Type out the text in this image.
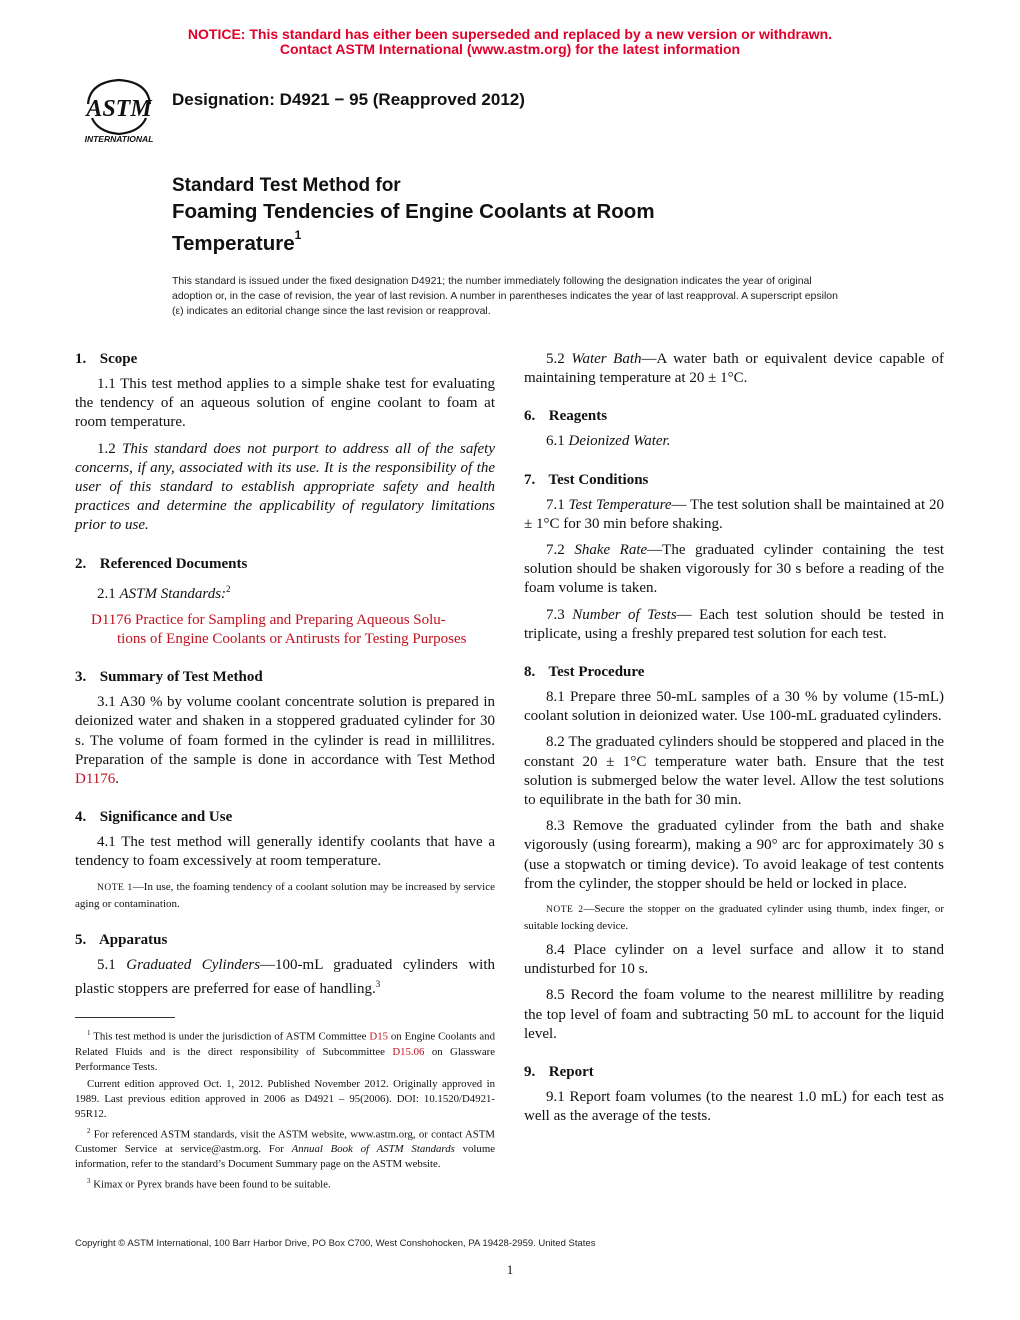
NOTICE: This standard has either been superseded and replaced by a new version or withdrawn.
Contact ASTM International (www.astm.org) for the latest information
ASTM
INTERNATIONAL
Designation: D4921 − 95 (Reapproved 2012)
Standard Test Method for
Foaming Tendencies of Engine Coolants at Room
Temperature$^1$
This standard is issued under the fixed designation D4921; the number immediately following the designation indicates the year of original adoption or, in the case of revision, the year of last revision. A number in parentheses indicates the year of last reapproval. A superscript epsilon (ε) indicates an editorial change since the last revision or reapproval.
1. Scope

1.1 This test method applies to a simple shake test for evaluating the tendency of an aqueous solution of engine coolant to foam at room temperature.

1.2 This standard does not purport to address all of the safety concerns, if any, associated with its use. It is the responsibility of the user of this standard to establish appropriate safety and health practices and determine the applicability of regulatory limitations prior to use.

2. Referenced Documents

2.1 ASTM Standards:$^2$

D1176 Practice for Sampling and Preparing Aqueous Solu-
tions of Engine Coolants or Antirusts for Testing Purposes
3. Summary of Test Method

3.1 A30 % by volume coolant concentrate solution is prepared in deionized water and shaken in a stoppered graduated cylinder for 30 s. The volume of foam formed in the cylinder is read in millilitres. Preparation of the sample is done in accordance with Test Method D1176.

4. Significance and Use

4.1 The test method will generally identify coolants that have a tendency to foam excessively at room temperature.

NOTE 1—In use, the foaming tendency of a coolant solution may be increased by service aging or contamination.

5. Apparatus

5.1 Graduated Cylinders—100-mL graduated cylinders with plastic stoppers are preferred for ease of handling.$^3$

$^1$ This test method is under the jurisdiction of ASTM Committee D15 on Engine Coolants and Related Fluids and is the direct responsibility of Subcommittee D15.06 on Glassware Performance Tests.

Current edition approved Oct. 1, 2012. Published November 2012. Originally approved in 1989. Last previous edition approved in 2006 as D4921 – 95(2006). DOI: 10.1520/D4921-95R12.

$^2$ For referenced ASTM standards, visit the ASTM website, www.astm.org, or contact ASTM Customer Service at service@astm.org. For Annual Book of ASTM Standards volume information, refer to the standard’s Document Summary page on the ASTM website.

$^3$ Kimax or Pyrex brands have been found to be suitable.

5.2 Water Bath—A water bath or equivalent device capable of maintaining temperature at 20 ± 1°C.

6. Reagents

6.1 Deionized Water.

7. Test Conditions

7.1 Test Temperature— The test solution shall be maintained at 20 ± 1°C for 30 min before shaking.

7.2 Shake Rate—The graduated cylinder containing the test solution should be shaken vigorously for 30 s before a reading of the foam volume is taken.

7.3 Number of Tests— Each test solution should be tested in triplicate, using a freshly prepared test solution for each test.

8. Test Procedure

8.1 Prepare three 50-mL samples of a 30 % by volume (15-mL) coolant solution in deionized water. Use 100-mL graduated cylinders.

8.2 The graduated cylinders should be stoppered and placed in the constant 20 ± 1°C temperature water bath. Ensure that the test solution is submerged below the water level. Allow the test solutions to equilibrate in the bath for 30 min.

8.3 Remove the graduated cylinder from the bath and shake vigorously (using forearm), making a 90° arc for approximately 30 s (use a stopwatch or timing device). To avoid leakage of test contents from the cylinder, the stopper should be held or locked in place.

NOTE 2—Secure the stopper on the graduated cylinder using thumb, index finger, or suitable locking device.

8.4 Place cylinder on a level surface and allow it to stand undisturbed for 10 s.

8.5 Record the foam volume to the nearest millilitre by reading the top level of foam and subtracting 50 mL to account for the liquid level.

9. Report

9.1 Report foam volumes (to the nearest 1.0 mL) for each test as well as the average of the tests.

Copyright © ASTM International, 100 Barr Harbor Drive, PO Box C700, West Conshohocken, PA 19428-2959. United States
1
